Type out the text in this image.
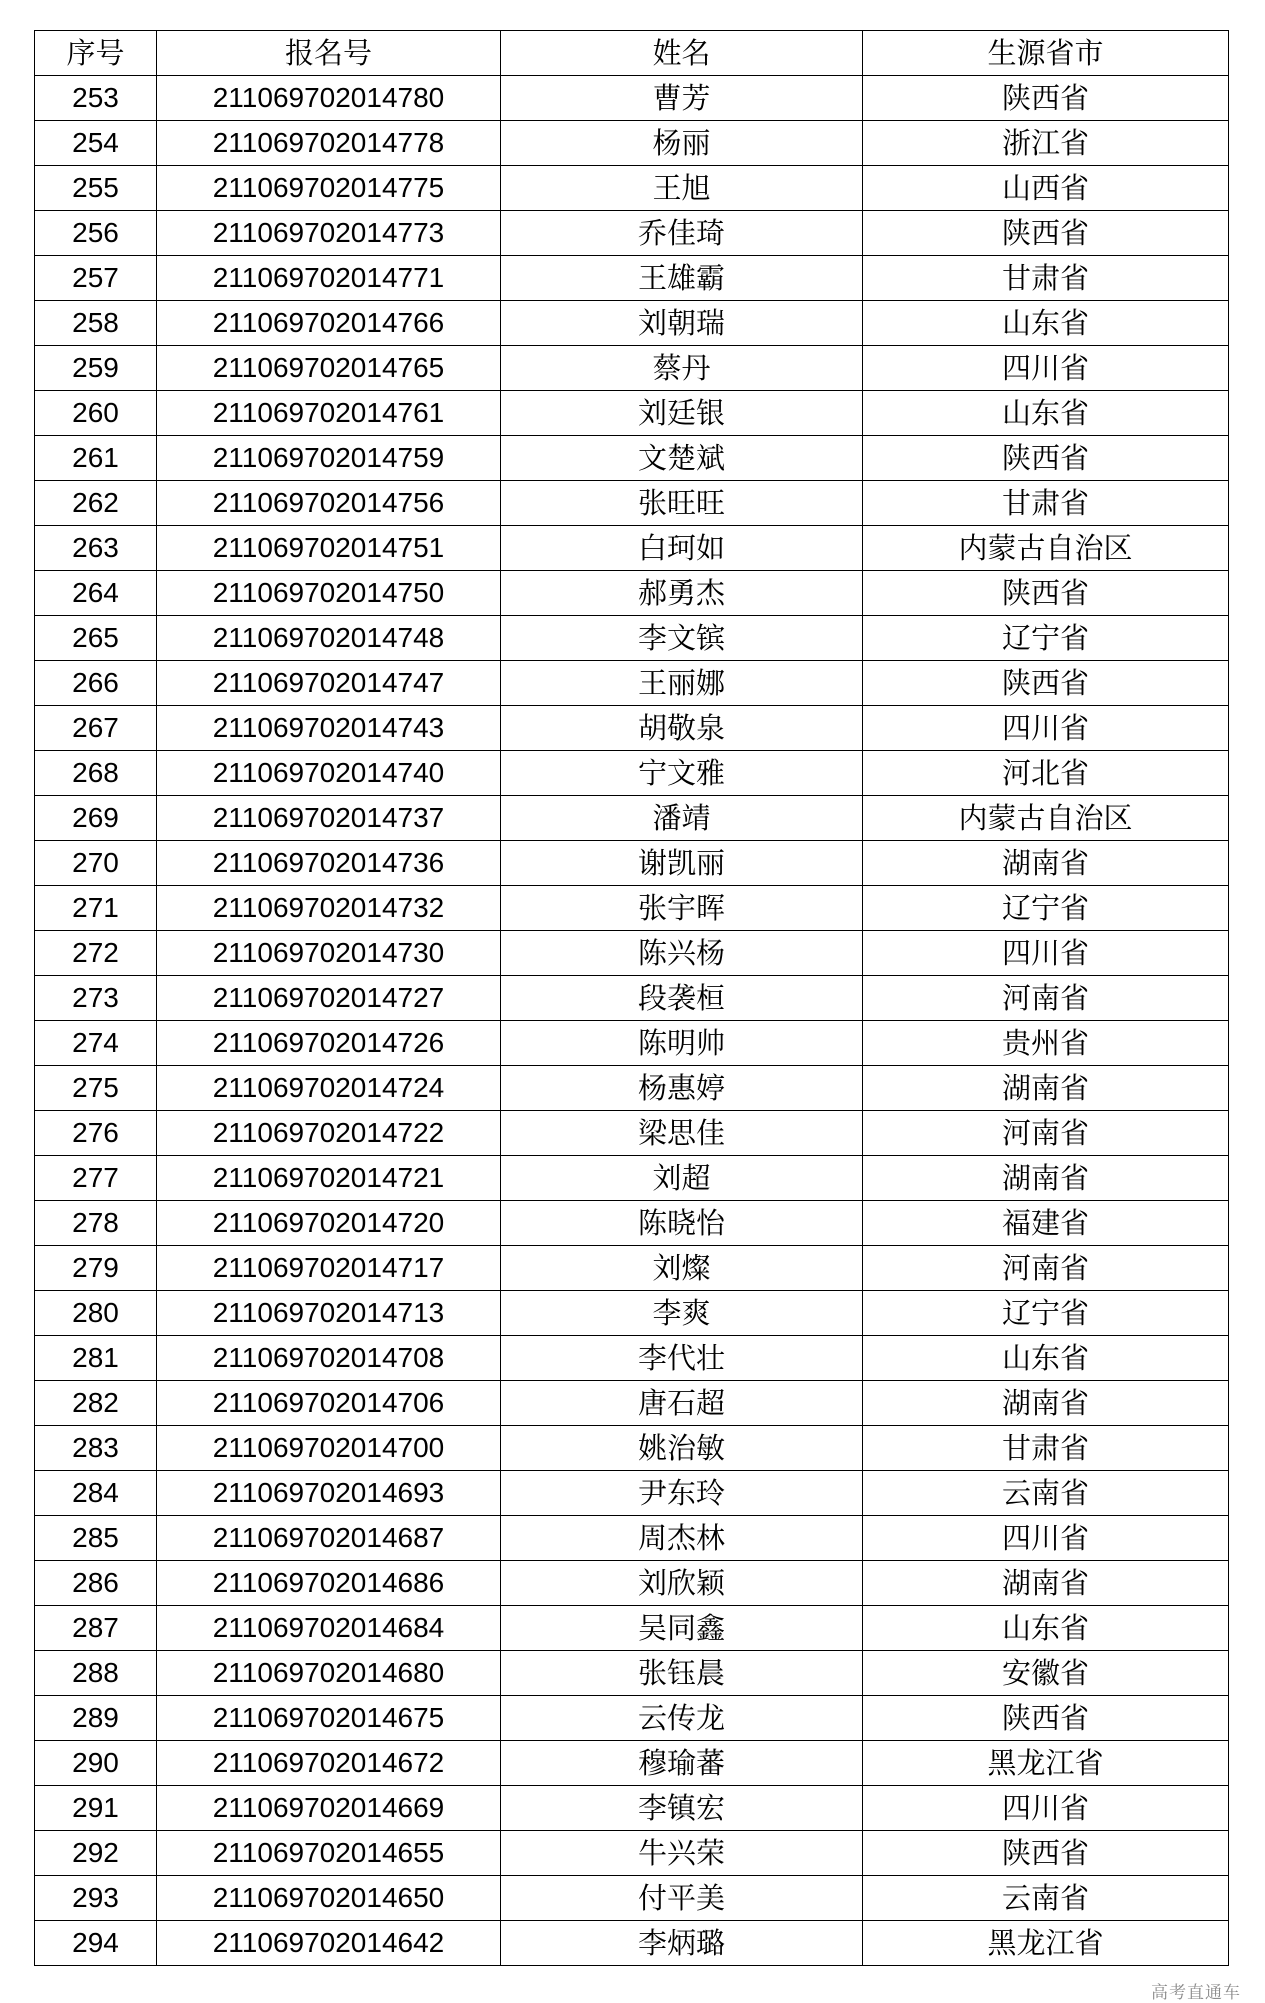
序号	报名号	姓名	生源省市
253	211069702014780	曹芳	陕西省
254	211069702014778	杨丽	浙江省
255	211069702014775	王旭	山西省
256	211069702014773	乔佳琦	陕西省
257	211069702014771	王雄霸	甘肃省
258	211069702014766	刘朝瑞	山东省
259	211069702014765	蔡丹	四川省
260	211069702014761	刘廷银	山东省
261	211069702014759	文楚斌	陕西省
262	211069702014756	张旺旺	甘肃省
263	211069702014751	白珂如	内蒙古自治区
264	211069702014750	郝勇杰	陕西省
265	211069702014748	李文镔	辽宁省
266	211069702014747	王丽娜	陕西省
267	211069702014743	胡敬泉	四川省
268	211069702014740	宁文雅	河北省
269	211069702014737	潘靖	内蒙古自治区
270	211069702014736	谢凯丽	湖南省
271	211069702014732	张宇晖	辽宁省
272	211069702014730	陈兴杨	四川省
273	211069702014727	段袭桓	河南省
274	211069702014726	陈明帅	贵州省
275	211069702014724	杨惠婷	湖南省
276	211069702014722	梁思佳	河南省
277	211069702014721	刘超	湖南省
278	211069702014720	陈晓怡	福建省
279	211069702014717	刘燦	河南省
280	211069702014713	李爽	辽宁省
281	211069702014708	李代壮	山东省
282	211069702014706	唐石超	湖南省
283	211069702014700	姚治敏	甘肃省
284	211069702014693	尹东玲	云南省
285	211069702014687	周杰林	四川省
286	211069702014686	刘欣颖	湖南省
287	211069702014684	吴同鑫	山东省
288	211069702014680	张钰晨	安徽省
289	211069702014675	云传龙	陕西省
290	211069702014672	穆瑜蕃	黑龙江省
291	211069702014669	李镇宏	四川省
292	211069702014655	牛兴荣	陕西省
293	211069702014650	付平美	云南省
294	211069702014642	李炳璐	黑龙江省
高考直通车
